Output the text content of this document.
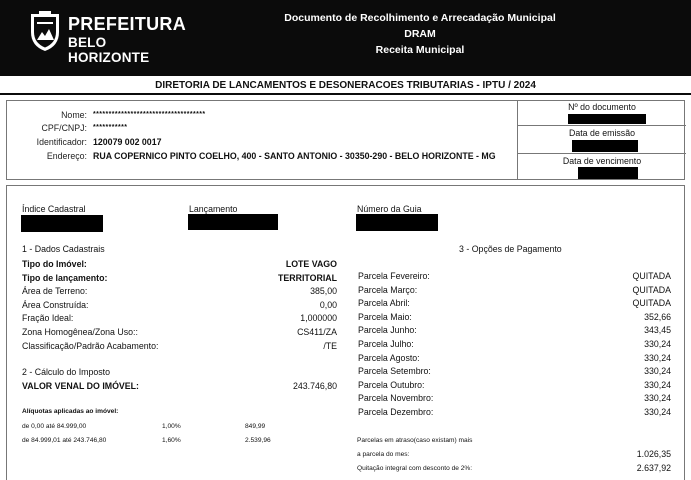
PREFEITURA
BELO HORIZONTE
Documento de Recolhimento e Arrecadação Municipal
DRAM
Receita Municipal
DIRETORIA DE LANCAMENTOS E DESONERACOES TRIBUTARIAS - IPTU / 2024
Nome: ************************************
CPF/CNPJ: ***********
Identificador: 120079 002 0017
Endereço: RUA COPERNICO PINTO COELHO, 400 - SANTO ANTONIO - 30350-290 - BELO HORIZONTE - MG
Nº do documento
Data de emissão
Data de vencimento
Índice Cadastral	Lançamento	Número da Guia
1 - Dados Cadastrais
Tipo do Imóvel:	LOTE VAGO
Tipo de lançamento:	TERRITORIAL
Área de Terreno:	385,00
Área Construída:	0,00
Fração Ideal:	1,000000
Zona Homogênea/Zona Uso::	CS411/ZA
Classificação/Padrão Acabamento:	/TE
2 - Cálculo do Imposto
VALOR VENAL DO IMÓVEL:	243.746,80
Alíquotas aplicadas ao imóvel:
de 0,00 até 84.999,00	1,00%	849,99
de 84.999,01 até 243.746,80	1,60%	2.539,96
3 - Opções de Pagamento
Parcela Fevereiro:	QUITADA
Parcela Março:	QUITADA
Parcela Abril:	QUITADA
Parcela Maio:	352,66
Parcela Junho:	343,45
Parcela Julho:	330,24
Parcela Agosto:	330,24
Parcela Setembro:	330,24
Parcela Outubro:	330,24
Parcela Novembro:	330,24
Parcela Dezembro:	330,24
Parcelas em atraso(caso existam) mais
a parcela do mes:	1.026,35
Quitação integral com desconto de 2%:	2.637,92
